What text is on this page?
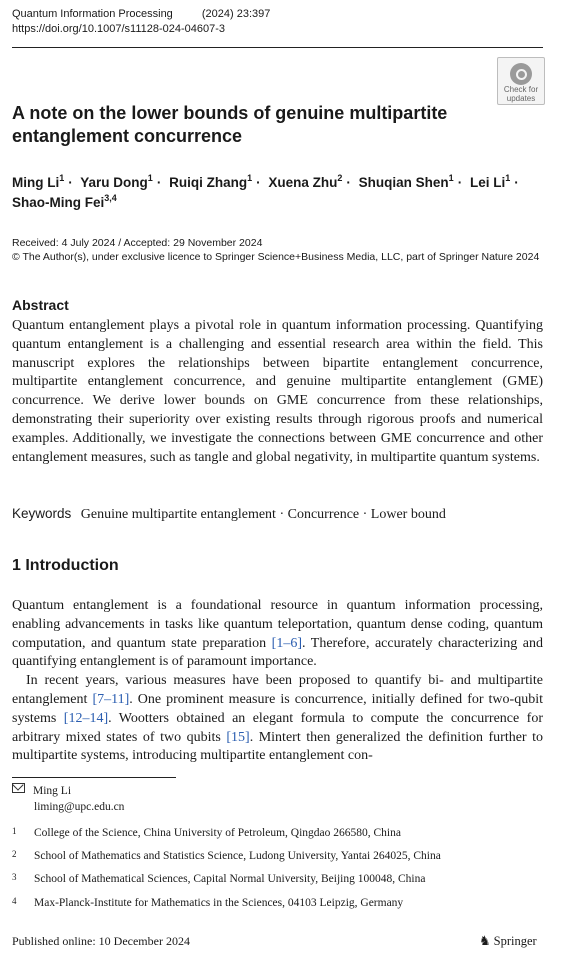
Quantum Information Processing	(2024) 23:397
https://doi.org/10.1007/s11128-024-04607-3
Check for
updates
A note on the lower bounds of genuine multipartite entanglement concurrence
Ming $Li^1$ · Yaru Dong$^1$ · Ruiqi Zhang$^1$ · Xuena Zhu$^2$ · Shuqian Shen$^1$ · Lei $Li^1$ ·
Shao-Ming Fei$^{3,4}$
Received: 4 July 2024 / Accepted: 29 November 2024
© The Author(s), under exclusive licence to Springer Science+Business Media, LLC, part of Springer Nature 2024
Abstract
Quantum entanglement plays a pivotal role in quantum information processing. Quantifying quantum entanglement is a challenging and essential research area within the field. This manuscript explores the relationships between bipartite entanglement concurrence, multipartite entanglement concurrence, and genuine multipartite entanglement (GME) concurrence. We derive lower bounds on GME concurrence from these relationships, demonstrating their superiority over existing results through rigorous proofs and numerical examples. Additionally, we investigate the connections between GME concurrence and other entanglement measures, such as tangle and global negativity, in multipartite quantum systems.
Keywords Genuine multipartite entanglement · Concurrence · Lower bound
1 Introduction

Quantum entanglement is a foundational resource in quantum information processing, enabling advancements in tasks like quantum teleportation, quantum dense coding, quantum computation, and quantum state preparation [1–6]. Therefore, accurately characterizing and quantifying entanglement is of paramount importance.

In recent years, various measures have been proposed to quantify bi- and multipartite entanglement [7–11]. One prominent measure is concurrence, initially defined for two-qubit systems [12–14]. Wootters obtained an elegant formula to compute the concurrence for arbitrary mixed states of two qubits [15]. Mintert then generalized the definition further to multipartite systems, introducing multipartite entanglement con-

Ming Li
liming@upc.edu.cn
1 College of the Science, China University of Petroleum, Qingdao 266580, China
2 School of Mathematics and Statistics Science, Ludong University, Yantai 264025, China
3 School of Mathematical Sciences, Capital Normal University, Beijing 100048, China
4 Max-Planck-Institute for Mathematics in the Sciences, 04103 Leipzig, Germany
Published online: 10 December 2024	♞ Springer
